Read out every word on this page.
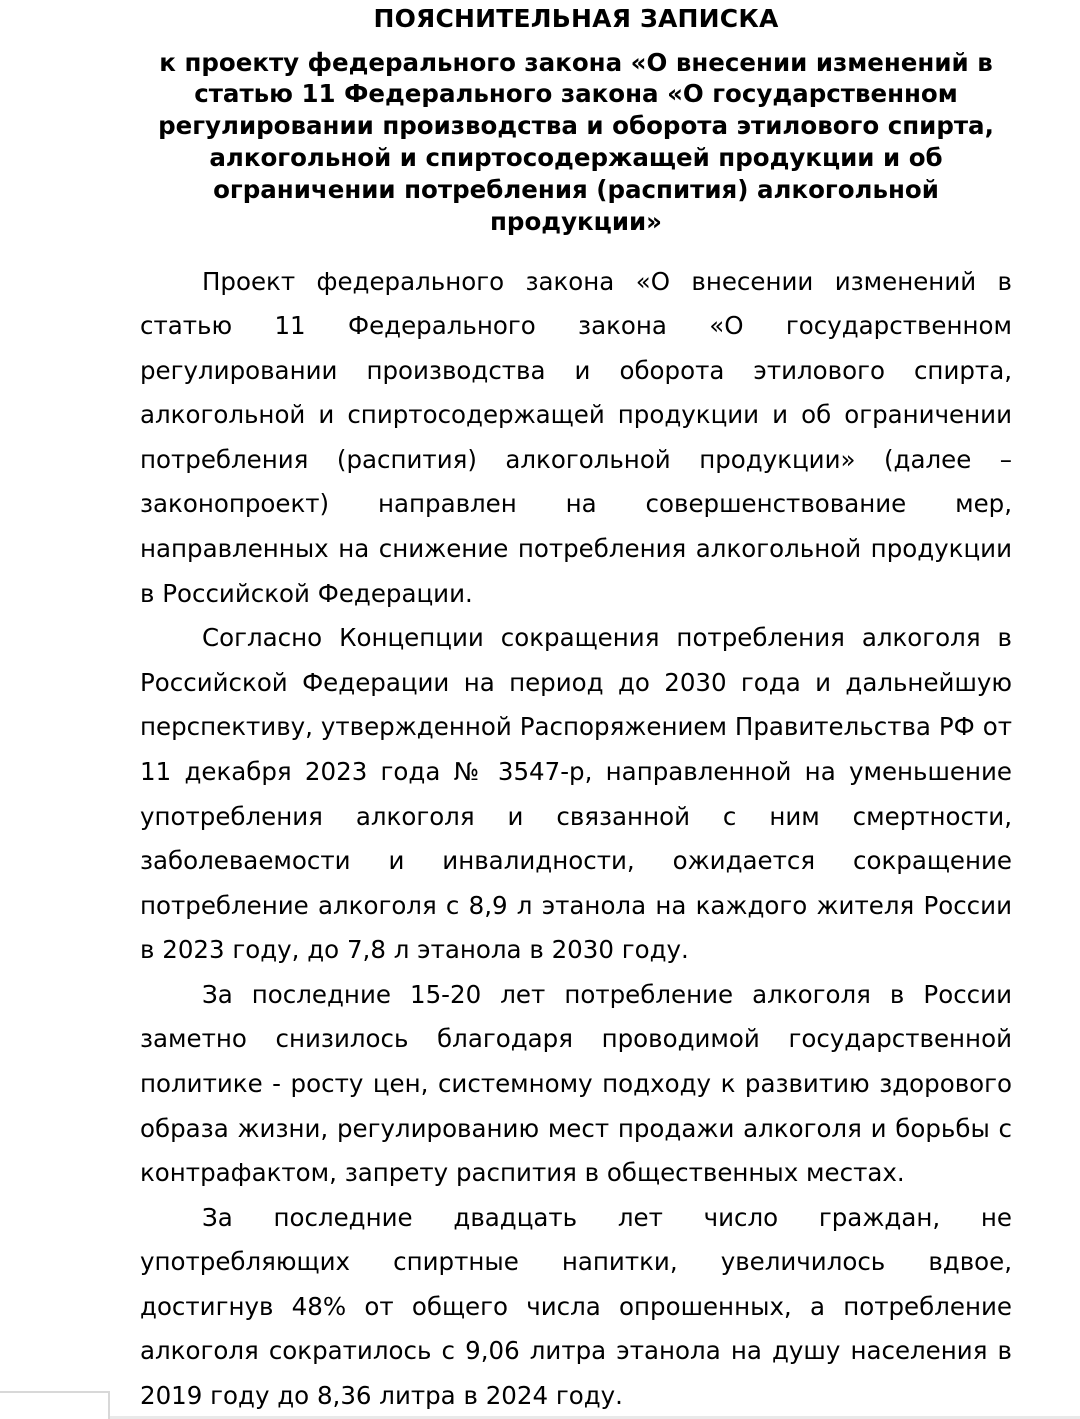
ПОЯСНИТЕЛЬНАЯ ЗАПИСКА
к проекту федерального закона «О внесении изменений в статью 11 Федерального закона «О государственном регулировании производства и оборота этилового спирта, алкогольной и спиртосодержащей продукции и об ограничении потребления (распития) алкогольной продукции»

Проект федерального закона «О внесении изменений в статью 11 Федерального закона «О государственном регулировании производства и оборота этилового спирта, алкогольной и спиртосодержащей продукции и об ограничении потребления (распития) алкогольной продукции» (далее – законопроект) направлен на совершенствование мер, направленных на снижение потребления алкогольной продукции в Российской Федерации.

Согласно Концепции сокращения потребления алкоголя в Российской Федерации на период до 2030 года и дальнейшую перспективу, утвержденной Распоряжением Правительства РФ от 11 декабря 2023 года № 3547-р, направленной на уменьшение употребления алкоголя и связанной с ним смертности, заболеваемости и инвалидности, ожидается сокращение потребление алкоголя с 8,9 л этанола на каждого жителя России в 2023 году, до 7,8 л этанола в 2030 году.

За последние 15-20 лет потребление алкоголя в России заметно снизилось благодаря проводимой государственной политике - росту цен, системному подходу к развитию здорового образа жизни, регулированию мест продажи алкоголя и борьбы с контрафактом, запрету распития в общественных местах.

За последние двадцать лет число граждан, не употребляющих спиртные напитки, увеличилось вдвое, достигнув 48% от общего числа опрошенных, а потребление алкоголя сократилось с 9,06 литра этанола на душу населения в 2019 году до 8,36 литра в 2024 году.
